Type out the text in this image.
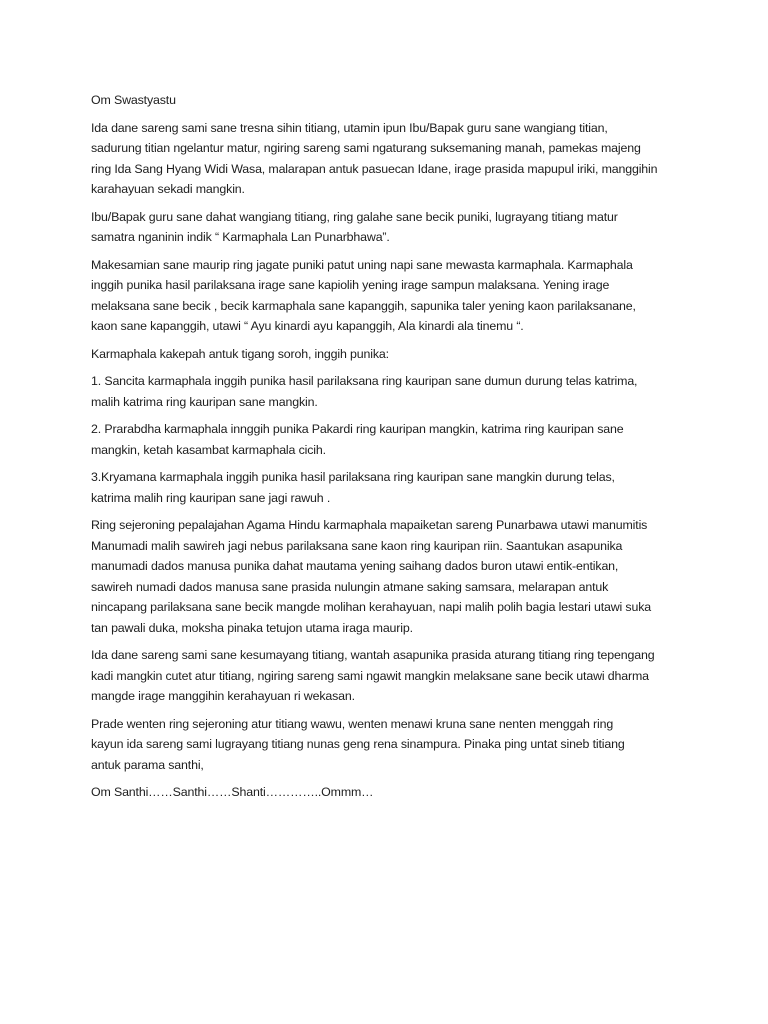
Om Swastyastu

Ida dane sareng sami sane tresna sihin titiang, utamin ipun Ibu/Bapak guru sane wangiang titian,
sadurung titian ngelantur matur, ngiring sareng sami ngaturang suksemaning manah, pamekas majeng
ring Ida Sang Hyang Widi Wasa, malarapan antuk pasuecan Idane, irage prasida mapupul iriki, manggihin
karahayuan sekadi mangkin.

Ibu/Bapak guru sane dahat wangiang titiang, ring galahe sane becik puniki, lugrayang titiang matur
samatra nganinin indik “ Karmaphala Lan Punarbhawa”.

Makesamian sane maurip ring jagate puniki patut uning napi sane mewasta karmaphala. Karmaphala
inggih punika hasil parilaksana irage sane kapiolih yening irage sampun malaksana. Yening irage
melaksana sane becik , becik karmaphala sane kapanggih, sapunika taler yening kaon parilaksanane,
kaon sane kapanggih, utawi “ Ayu kinardi ayu kapanggih, Ala kinardi ala tinemu “.

Karmaphala kakepah antuk tigang soroh, inggih punika:

1. Sancita karmaphala inggih punika hasil parilaksana ring kauripan sane dumun durung telas katrima,
malih katrima ring kauripan sane mangkin.

2. Prarabdha karmaphala innggih punika Pakardi ring kauripan mangkin, katrima ring kauripan sane
mangkin, ketah kasambat karmaphala cicih.

3.Kryamana karmaphala inggih punika hasil parilaksana ring kauripan sane mangkin durung telas,
katrima malih ring kauripan sane jagi rawuh .

Ring sejeroning pepalajahan Agama Hindu karmaphala mapaiketan sareng Punarbawa utawi manumitis
Manumadi malih sawireh jagi nebus parilaksana sane kaon ring kauripan riin. Saantukan asapunika
manumadi dados manusa punika dahat mautama yening saihang dados buron utawi entik-entikan,
sawireh numadi dados manusa sane prasida nulungin atmane saking samsara, melarapan antuk
nincapang parilaksana sane becik mangde molihan kerahayuan, napi malih polih bagia lestari utawi suka
tan pawali duka, moksha pinaka tetujon utama iraga maurip.

Ida dane sareng sami sane kesumayang titiang, wantah asapunika prasida aturang titiang ring tepengang
kadi mangkin cutet atur titiang, ngiring sareng sami ngawit mangkin melaksane sane becik utawi dharma
mangde irage manggihin kerahayuan ri wekasan.

Prade wenten ring sejeroning atur titiang wawu, wenten menawi kruna sane nenten menggah ring
kayun ida sareng sami lugrayang titiang nunas geng rena sinampura. Pinaka ping untat sineb titiang
antuk parama santhi,

Om Santhi……Santhi……Shanti…………..Ommm…
